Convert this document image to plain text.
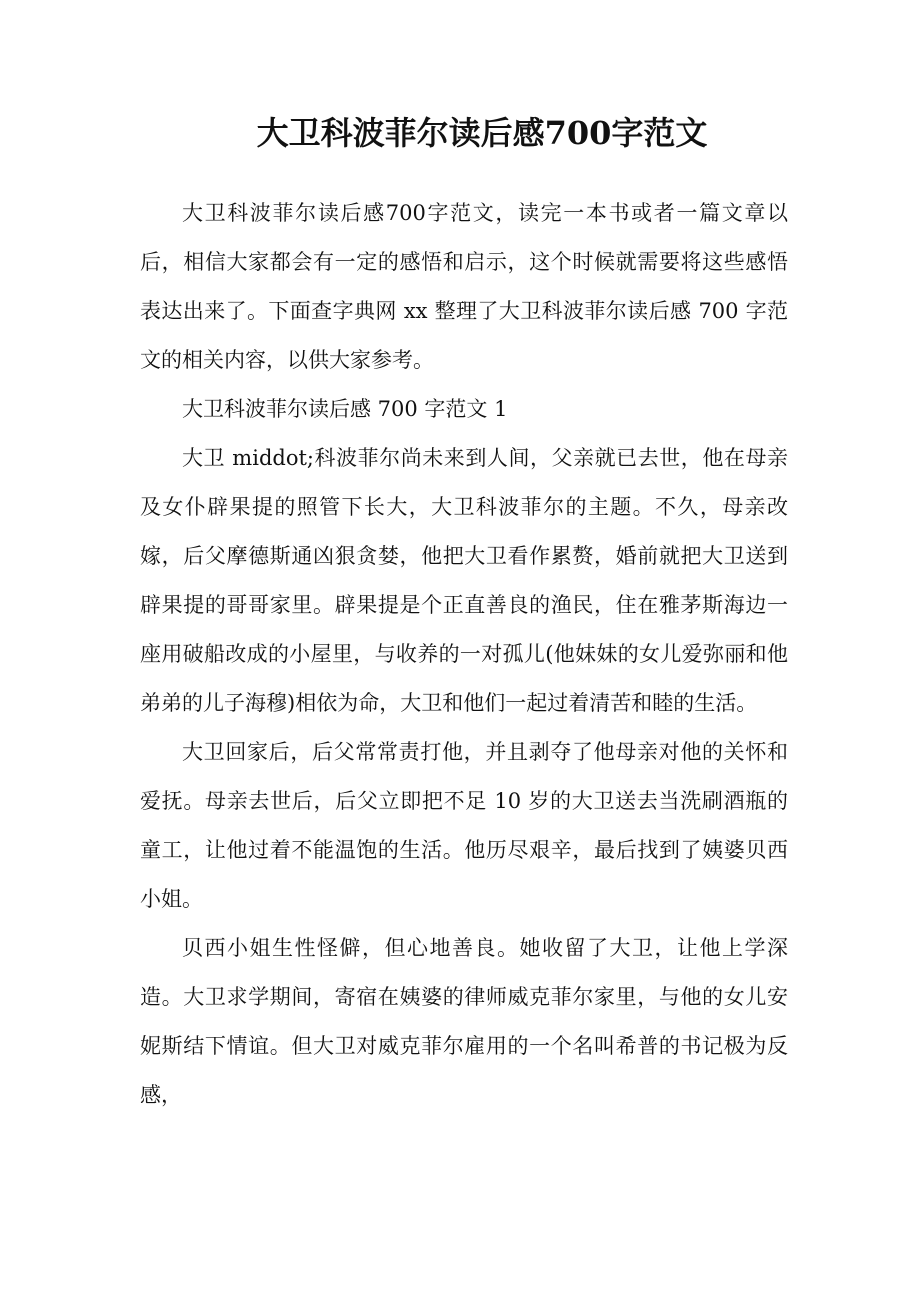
大卫科波菲尔读后感700字范文

大卫科波菲尔读后感700字范文，读完一本书或者一篇文章以后，相信大家都会有一定的感悟和启示，这个时候就需要将这些感悟表达出来了。下面查字典网 xx 整理了大卫科波菲尔读后感 700 字范文的相关内容，以供大家参考。

大卫科波菲尔读后感 700 字范文 1

大卫 middot;科波菲尔尚未来到人间，父亲就已去世，他在母亲及女仆辟果提的照管下长大，大卫科波菲尔的主题。不久，母亲改嫁，后父摩德斯通凶狠贪婪，他把大卫看作累赘，婚前就把大卫送到辟果提的哥哥家里。辟果提是个正直善良的渔民，住在雅茅斯海边一座用破船改成的小屋里，与收养的一对孤儿(他妹妹的女儿爱弥丽和他弟弟的儿子海穆)相依为命，大卫和他们一起过着清苦和睦的生活。

大卫回家后，后父常常责打他，并且剥夺了他母亲对他的关怀和爱抚。母亲去世后，后父立即把不足 10 岁的大卫送去当洗刷酒瓶的童工，让他过着不能温饱的生活。他历尽艰辛，最后找到了姨婆贝西小姐。

贝西小姐生性怪僻，但心地善良。她收留了大卫，让他上学深造。大卫求学期间，寄宿在姨婆的律师威克菲尔家里，与他的女儿安妮斯结下情谊。但大卫对威克菲尔雇用的一个名叫希普的书记极为反感，
